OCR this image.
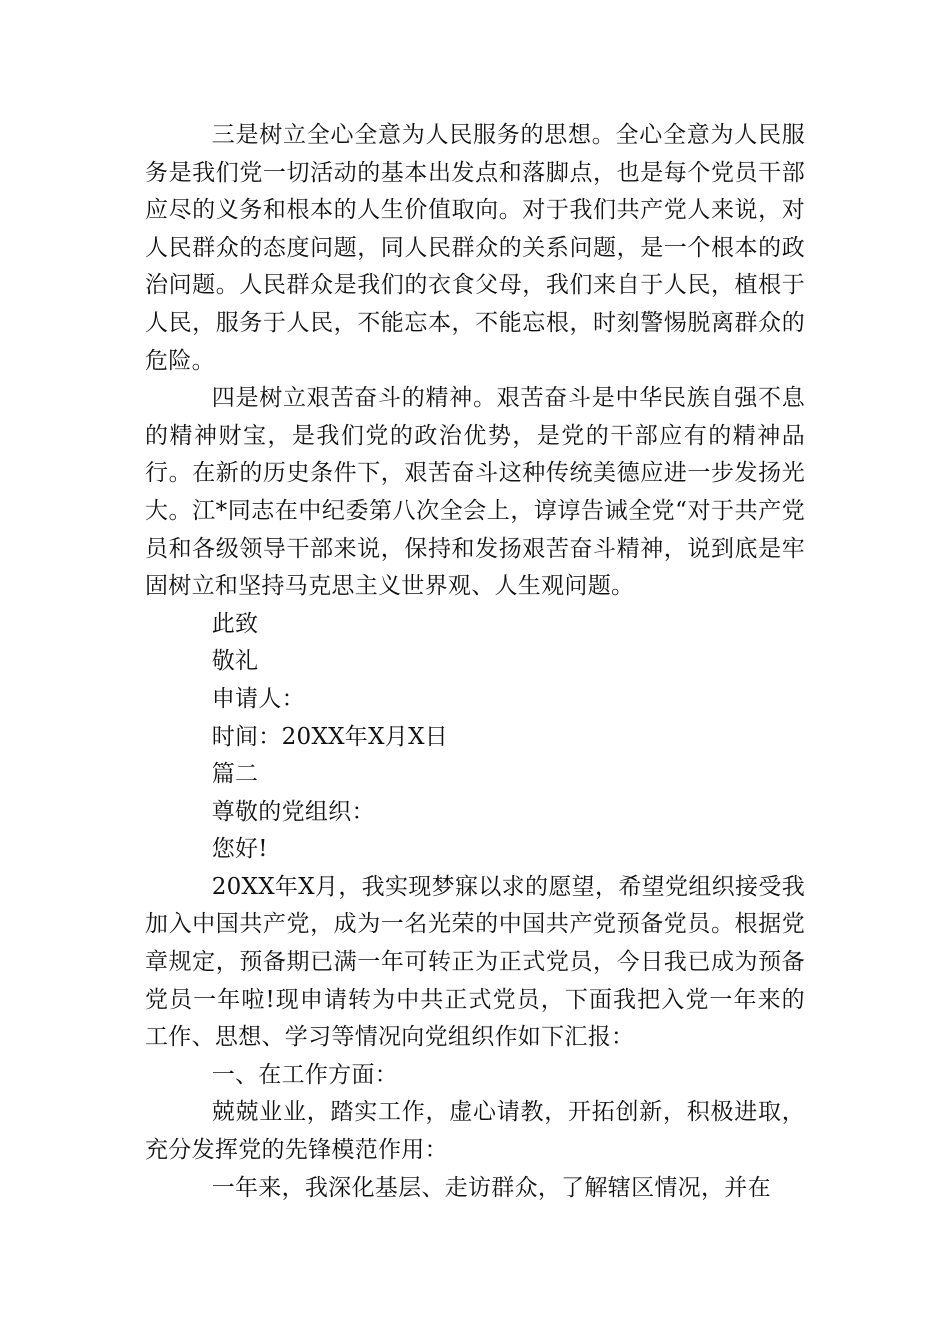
三是树立全心全意为人民服务的思想。全心全意为人民服务是我们党一切活动的基本出发点和落脚点，也是每个党员干部应尽的义务和根本的人生价值取向。对于我们共产党人来说，对人民群众的态度问题，同人民群众的关系问题，是一个根本的政治问题。人民群众是我们的衣食父母，我们来自于人民，植根于人民，服务于人民，不能忘本，不能忘根，时刻警惕脱离群众的危险。

四是树立艰苦奋斗的精神。艰苦奋斗是中华民族自强不息的精神财宝，是我们党的政治优势，是党的干部应有的精神品行。在新的历史条件下，艰苦奋斗这种传统美德应进一步发扬光大。江*同志在中纪委第八次全会上，谆谆告诫全党“对于共产党员和各级领导干部来说，保持和发扬艰苦奋斗精神，说到底是牢固树立和坚持马克思主义世界观、人生观问题。

此致

敬礼

申请人：

时间：20XX年X月X日

篇二

尊敬的党组织：

您好!

20XX年X月，我实现梦寐以求的愿望，希望党组织接受我加入中国共产党，成为一名光荣的中国共产党预备党员。根据党章规定，预备期已满一年可转正为正式党员，今日我已成为预备党员一年啦!现申请转为中共正式党员，下面我把入党一年来的工作、思想、学习等情况向党组织作如下汇报：

一、在工作方面：

兢兢业业，踏实工作，虚心请教，开拓创新，积极进取，充分发挥党的先锋模范作用：

一年来，我深化基层、走访群众，了解辖区情况，并在
